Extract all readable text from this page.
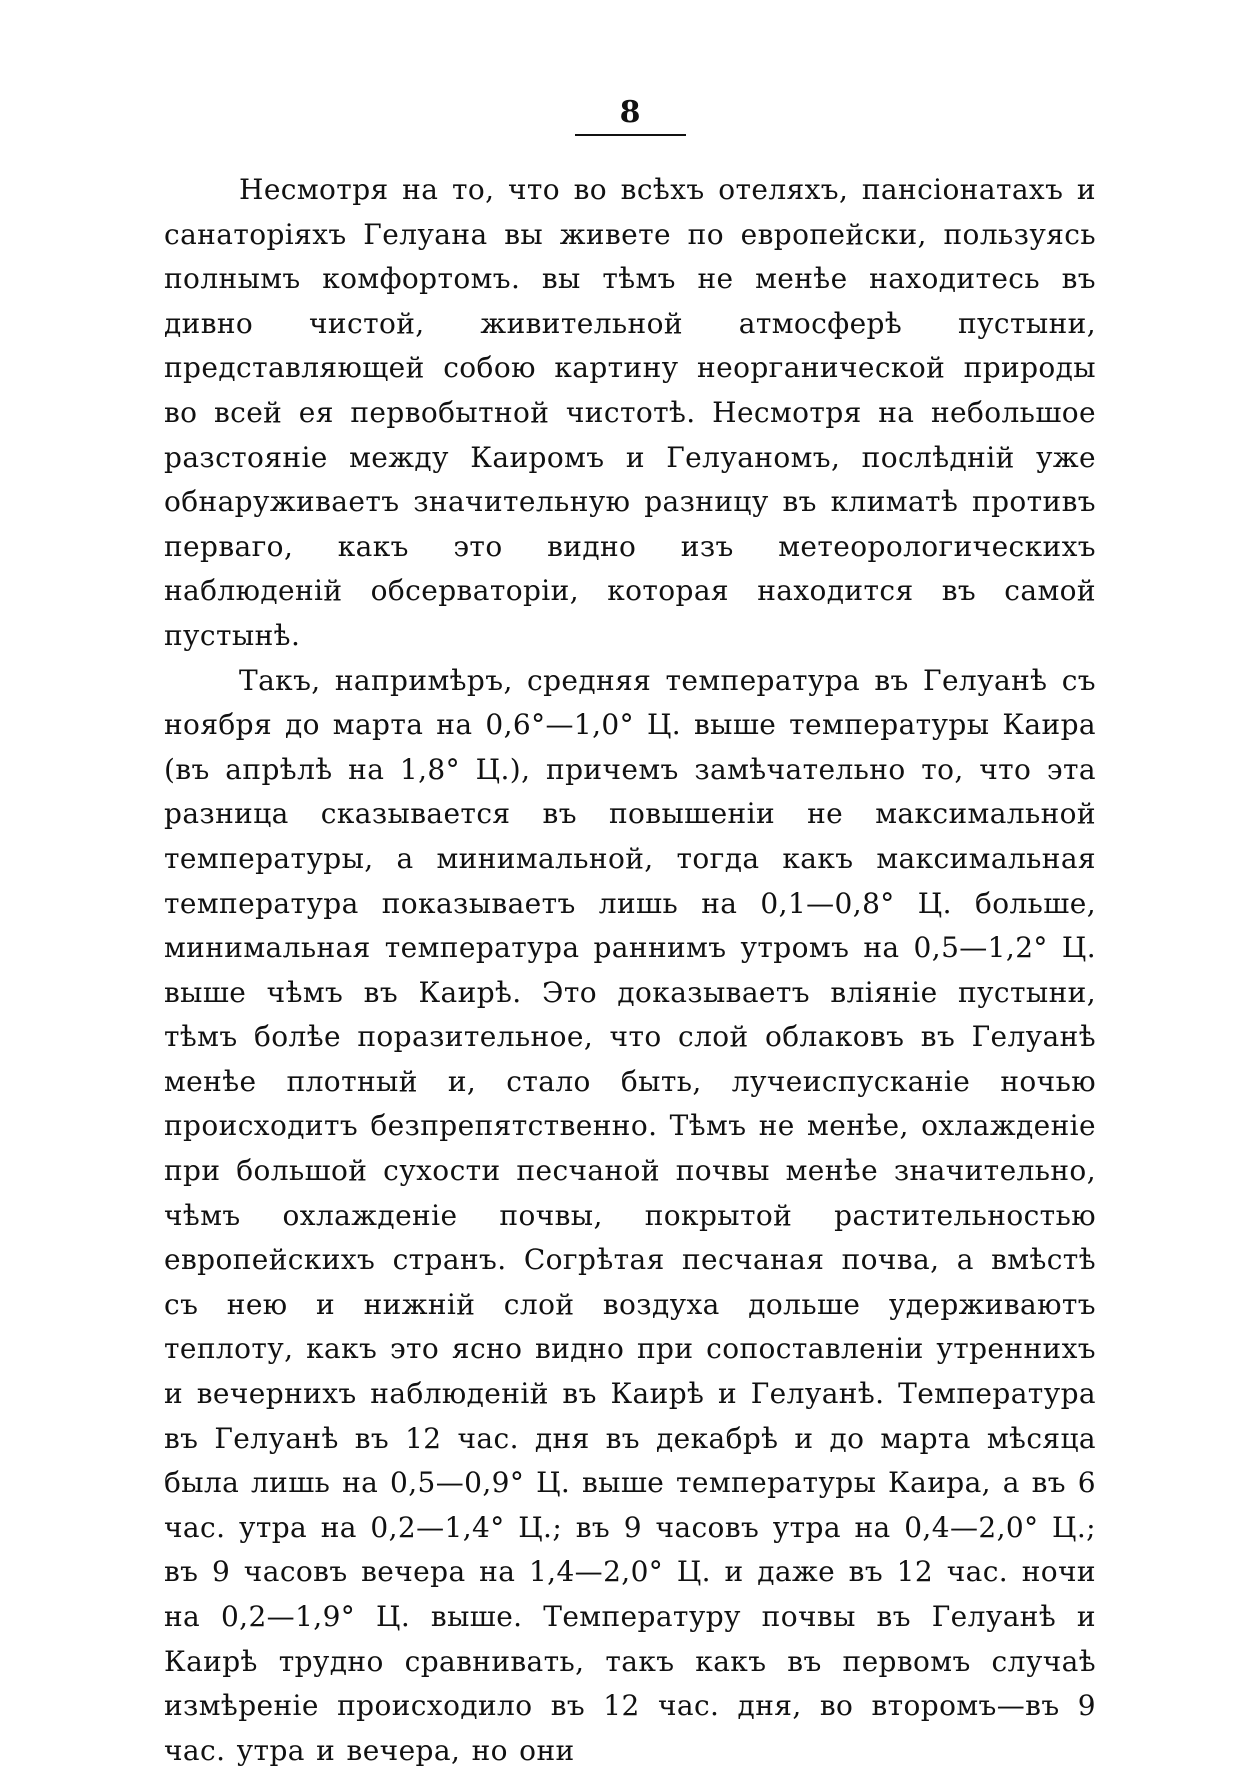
8

Несмотря на то, что во всѣхъ отеляхъ, пансіонатахъ и санаторіяхъ Гелуана вы живете по европейски, пользуясь полнымъ комфортомъ. вы тѣмъ не менѣе находитесь въ дивно чистой, живительной атмосферѣ пустыни, представляющей собою картину неорганической природы во всей ея первобытной чистотѣ. Несмотря на небольшое разстояніе между Каиромъ и Гелуаномъ, послѣдній уже обнаруживаетъ значительную разницу въ климатѣ противъ перваго, какъ это видно изъ метеорологическихъ наблюденій обсерваторіи, которая находится въ самой пустынѣ.

Такъ, напримѣръ, средняя температура въ Гелуанѣ съ ноября до марта на 0,6°—1,0° Ц. выше температуры Каира (въ апрѣлѣ на 1,8° Ц.), причемъ замѣчательно то, что эта разница сказывается въ повышеніи не максимальной температуры, а минимальной, тогда какъ максимальная температура показываетъ лишь на 0,1—0,8° Ц. больше, минимальная температура раннимъ утромъ на 0,5—1,2° Ц. выше чѣмъ въ Каирѣ. Это доказываетъ вліяніе пустыни, тѣмъ болѣе поразительное, что слой облаковъ въ Гелуанѣ менѣе плотный и, стало быть, лучеиспусканіе ночью происходитъ безпрепятственно. Тѣмъ не менѣе, охлажденіе при большой сухости песчаной почвы менѣе значительно, чѣмъ охлажденіе почвы, покрытой растительностью европейскихъ странъ. Согрѣтая песчаная почва, а вмѣстѣ съ нею и нижній слой воздуха дольше удерживаютъ теплоту, какъ это ясно видно при сопоставленіи утреннихъ и вечернихъ наблюденій въ Каирѣ и Гелуанѣ. Температура въ Гелуанѣ въ 12 час. дня въ декабрѣ и до марта мѣсяца была лишь на 0,5—0,9° Ц. выше температуры Каира, а въ 6 час. утра на 0,2—1,4° Ц.; въ 9 часовъ утра на 0,4—2,0° Ц.; въ 9 часовъ вечера на 1,4—2,0° Ц. и даже въ 12 час. ночи на 0,2—1,9° Ц. выше. Температуру почвы въ Гелуанѣ и Каирѣ трудно сравнивать, такъ какъ въ первомъ случаѣ измѣреніе происходило въ 12 час. дня, во второмъ—въ 9 час. утра и вечера, но они
